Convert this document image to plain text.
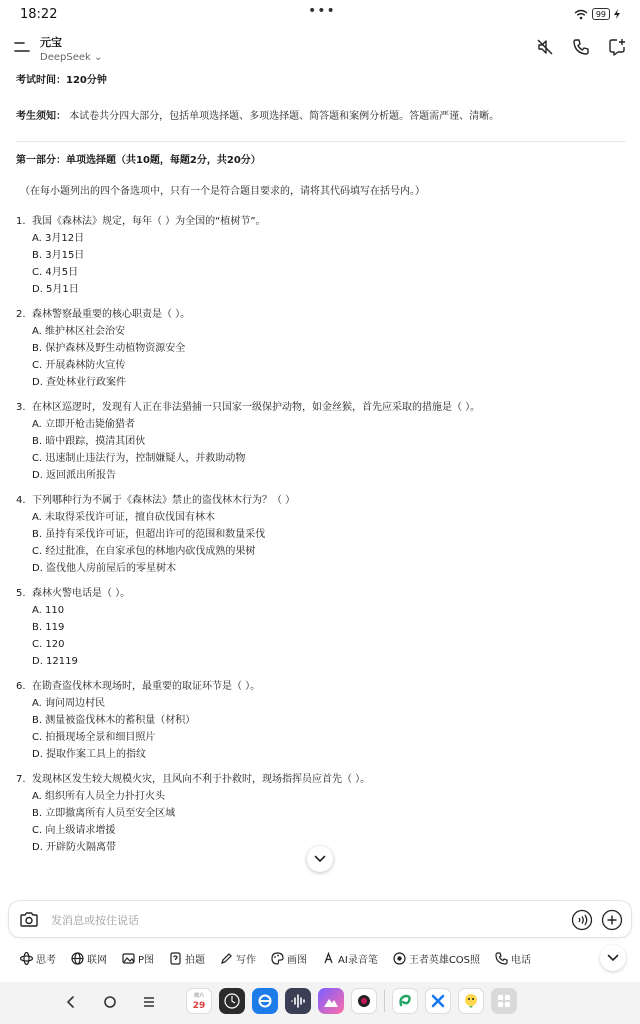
18:22	•••	99
元宝
DeepSeek ⌄
考试时间：120分钟
考生须知： 本试卷共分四大部分，包括单项选择题、多项选择题、简答题和案例分析题。答题需严谨、清晰。
第一部分：单项选择题（共10题，每题2分，共20分）
（在每小题列出的四个备选项中，只有一个是符合题目要求的，请将其代码填写在括号内。）
1. 我国《森林法》规定，每年（ ）为全国的“植树节”。
A. 3月12日
B. 3月15日
C. 4月5日
D. 5月1日
2. 森林警察最重要的核心职责是（ ）。
A. 维护林区社会治安
B. 保护森林及野生动植物资源安全
C. 开展森林防火宣传
D. 查处林业行政案件
3. 在林区巡逻时，发现有人正在非法猎捕一只国家一级保护动物，如金丝猴，首先应采取的措施是（ ）。
A. 立即开枪击毙偷猎者
B. 暗中跟踪，摸清其团伙
C. 迅速制止违法行为，控制嫌疑人，并救助动物
D. 返回派出所报告
4. 下列哪种行为不属于《森林法》禁止的盗伐林木行为？（ ）
A. 未取得采伐许可证，擅自砍伐国有林木
B. 虽持有采伐许可证，但超出许可的范围和数量采伐
C. 经过批准，在自家承包的林地内砍伐成熟的果树
D. 盗伐他人房前屋后的零星树木
5. 森林火警电话是（ ）。
A. 110
B. 119
C. 120
D. 12119
6. 在勘查盗伐林木现场时，最重要的取证环节是（ ）。
A. 询问周边村民
B. 测量被盗伐林木的蓄积量（材积）
C. 拍摄现场全景和细目照片
D. 提取作案工具上的指纹
7. 发现林区发生较大规模火灾，且风向不利于扑救时，现场指挥员应首先（ ）。
A. 组织所有人员全力扑打火头
B. 立即撤离所有人员至安全区域
C. 向上级请求增援
D. 开辟防火隔离带
发消息或按住说话
思考	联网	P图	拍题	写作	画图	AI录音笔	王者英雄COS照	电话
周六
29
